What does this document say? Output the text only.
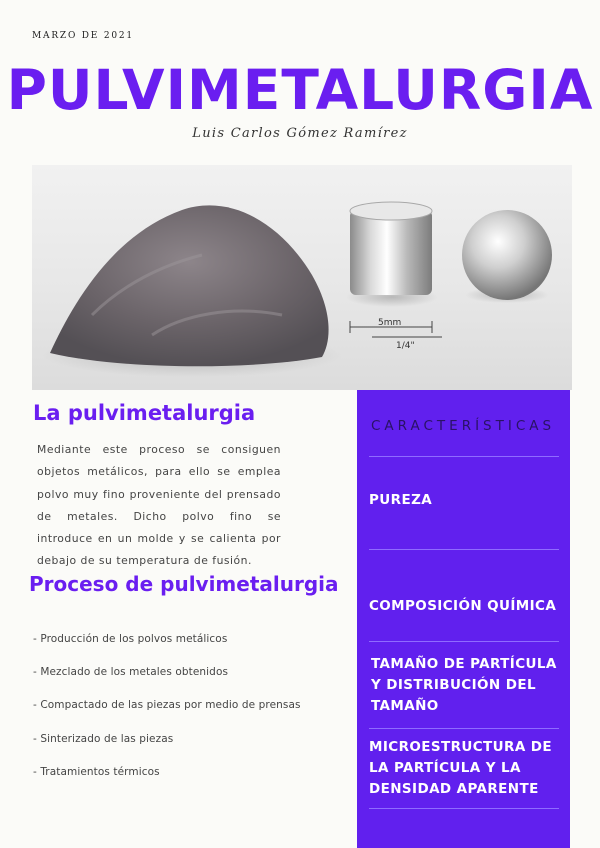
MARZO DE 2021
PULVIMETALURGIA
Luis Carlos Gómez Ramírez
5mm
1/4"
La pulvimetalurgia
Mediante este proceso se consiguen objetos metálicos, para ello se emplea polvo muy fino proveniente del prensado de metales. Dicho polvo fino se introduce en un molde y se calienta por debajo de su temperatura de fusión.
Proceso de pulvimetalurgia
- Producción de los polvos metálicos
- Mezclado de los metales obtenidos
- Compactado de las piezas por medio de prensas
- Sinterizado de las piezas
- Tratamientos térmicos
CARACTERÍSTICAS
PUREZA
COMPOSICIÓN QUÍMICA
TAMAÑO DE PARTÍCULA Y DISTRIBUCIÓN DEL TAMAÑO
MICROESTRUCTURA DE LA PARTÍCULA Y LA DENSIDAD APARENTE
